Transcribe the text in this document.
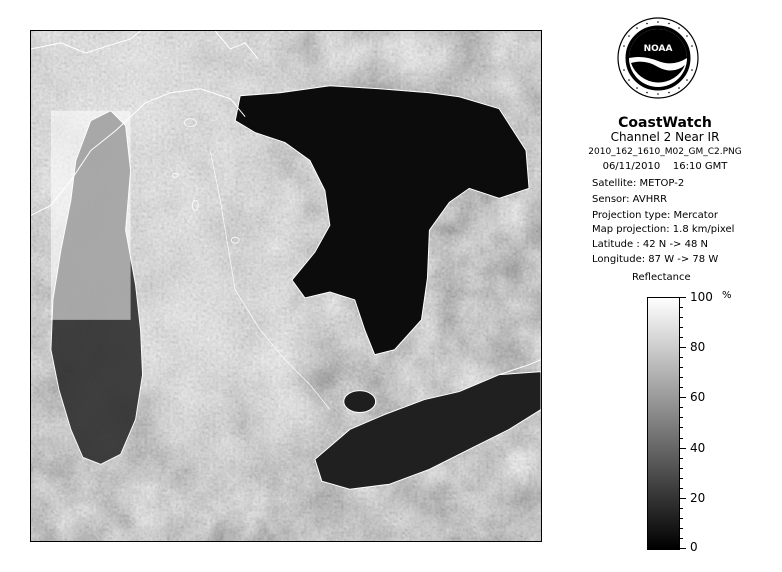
NOAA
CoastWatch
Channel 2 Near IR
2010_162_1610_M02_GM_C2.PNG
06/11/2010    16:10 GMT
Satellite: METOP-2
Sensor: AVHRR
Projection type: Mercator
Map projection: 1.8 km/pixel
Latitude : 42 N -> 48 N
Longitude: 87 W -> 78 W
Reflectance
%
100
80
60
40
20
0
